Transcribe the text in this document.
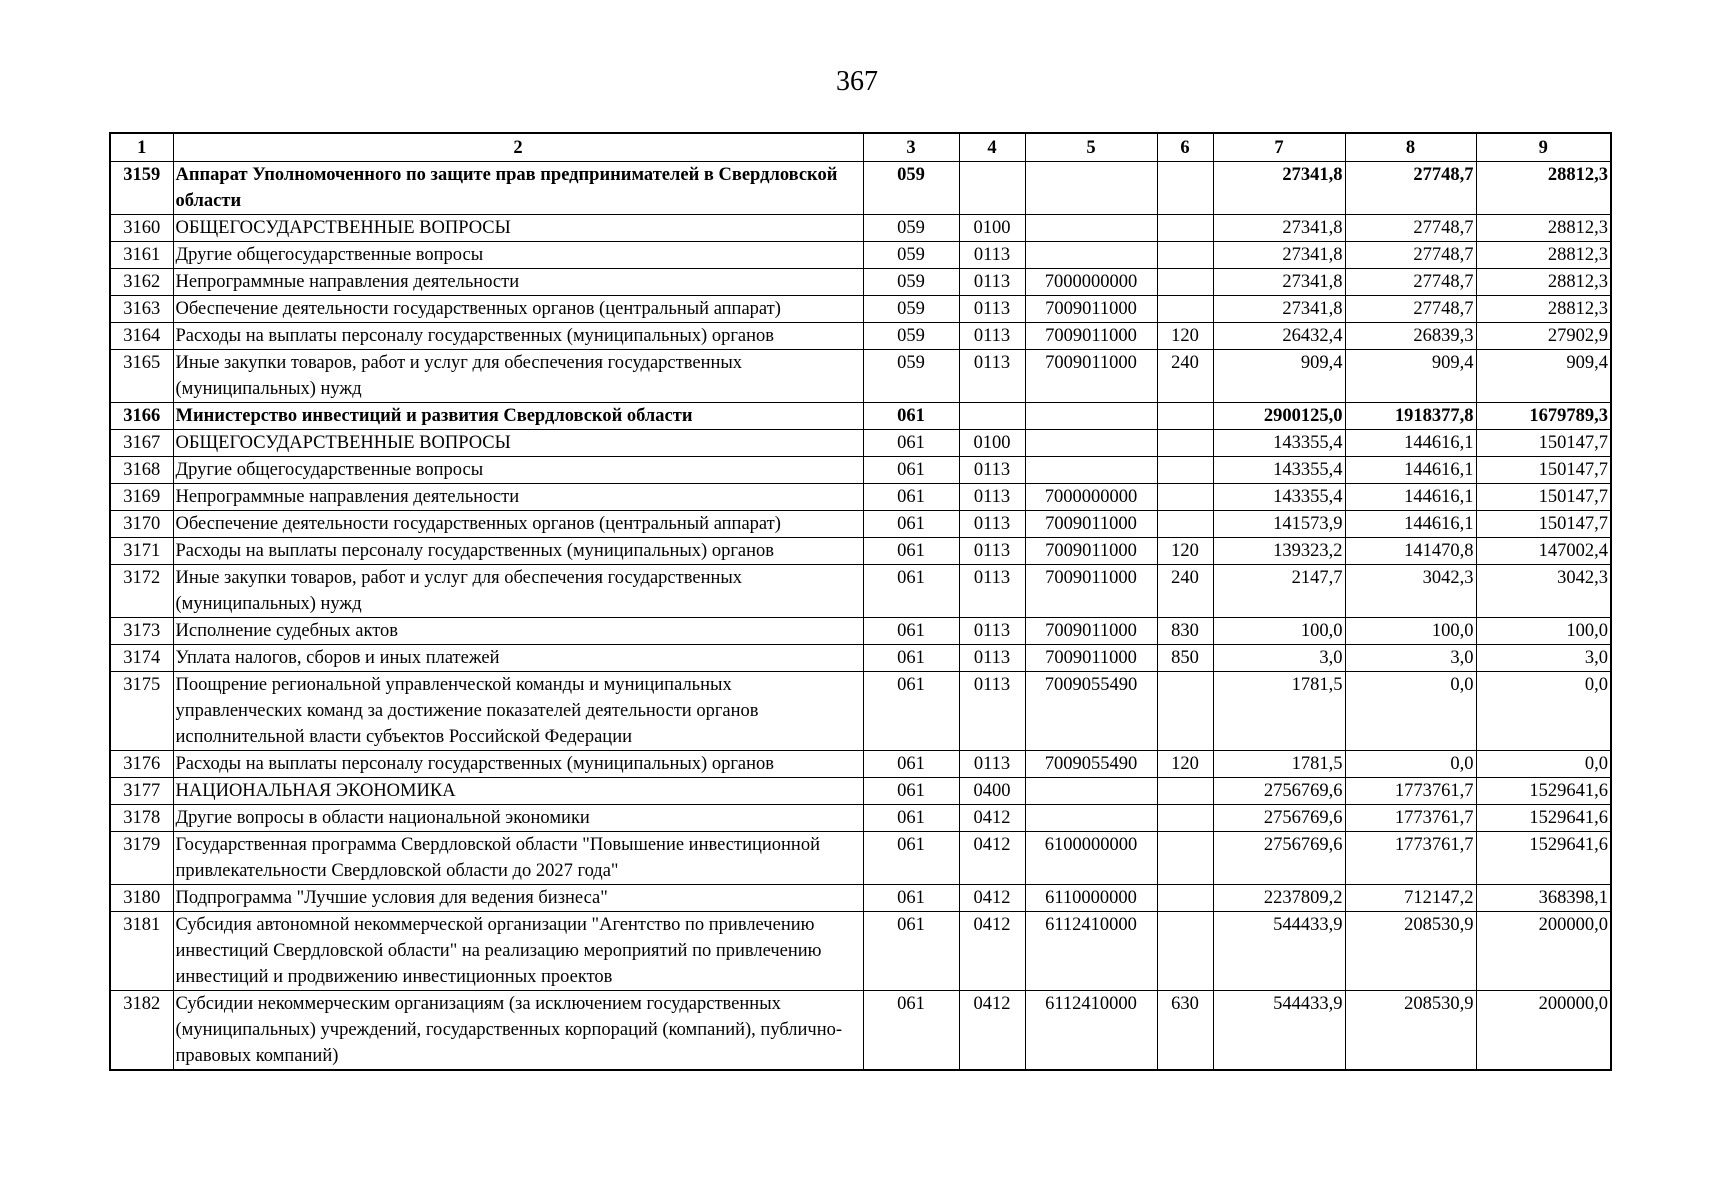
367
1	2	3	4	5	6	7	8	9
3159	Аппарат Уполномоченного по защите прав предпринимателей в Свердловской области	059				27341,8	27748,7	28812,3
3160	ОБЩЕГОСУДАРСТВЕННЫЕ ВОПРОСЫ	059	0100			27341,8	27748,7	28812,3
3161	Другие общегосударственные вопросы	059	0113			27341,8	27748,7	28812,3
3162	Непрограммные направления деятельности	059	0113	7000000000		27341,8	27748,7	28812,3
3163	Обеспечение деятельности государственных органов (центральный аппарат)	059	0113	7009011000		27341,8	27748,7	28812,3
3164	Расходы на выплаты персоналу государственных (муниципальных) органов	059	0113	7009011000	120	26432,4	26839,3	27902,9
3165	Иные закупки товаров, работ и услуг для обеспечения государственных (муниципальных) нужд	059	0113	7009011000	240	909,4	909,4	909,4
3166	Министерство инвестиций и развития Свердловской области	061				2900125,0	1918377,8	1679789,3
3167	ОБЩЕГОСУДАРСТВЕННЫЕ ВОПРОСЫ	061	0100			143355,4	144616,1	150147,7
3168	Другие общегосударственные вопросы	061	0113			143355,4	144616,1	150147,7
3169	Непрограммные направления деятельности	061	0113	7000000000		143355,4	144616,1	150147,7
3170	Обеспечение деятельности государственных органов (центральный аппарат)	061	0113	7009011000		141573,9	144616,1	150147,7
3171	Расходы на выплаты персоналу государственных (муниципальных) органов	061	0113	7009011000	120	139323,2	141470,8	147002,4
3172	Иные закупки товаров, работ и услуг для обеспечения государственных (муниципальных) нужд	061	0113	7009011000	240	2147,7	3042,3	3042,3
3173	Исполнение судебных актов	061	0113	7009011000	830	100,0	100,0	100,0
3174	Уплата налогов, сборов и иных платежей	061	0113	7009011000	850	3,0	3,0	3,0
3175	Поощрение региональной управленческой команды и муниципальных управленческих команд за достижение показателей деятельности органов исполнительной власти субъектов Российской Федерации	061	0113	7009055490		1781,5	0,0	0,0
3176	Расходы на выплаты персоналу государственных (муниципальных) органов	061	0113	7009055490	120	1781,5	0,0	0,0
3177	НАЦИОНАЛЬНАЯ ЭКОНОМИКА	061	0400			2756769,6	1773761,7	1529641,6
3178	Другие вопросы в области национальной экономики	061	0412			2756769,6	1773761,7	1529641,6
3179	Государственная программа Свердловской области "Повышение инвестиционной привлекательности Свердловской области до 2027 года"	061	0412	6100000000		2756769,6	1773761,7	1529641,6
3180	Подпрограмма "Лучшие условия для ведения бизнеса"	061	0412	6110000000		2237809,2	712147,2	368398,1
3181	Субсидия автономной некоммерческой организации "Агентство по привлечению инвестиций Свердловской области" на реализацию мероприятий по привлечению инвестиций и продвижению инвестиционных проектов	061	0412	6112410000		544433,9	208530,9	200000,0
3182	Субсидии некоммерческим организациям (за исключением государственных (муниципальных) учреждений, государственных корпораций (компаний), публично-правовых компаний)	061	0412	6112410000	630	544433,9	208530,9	200000,0
